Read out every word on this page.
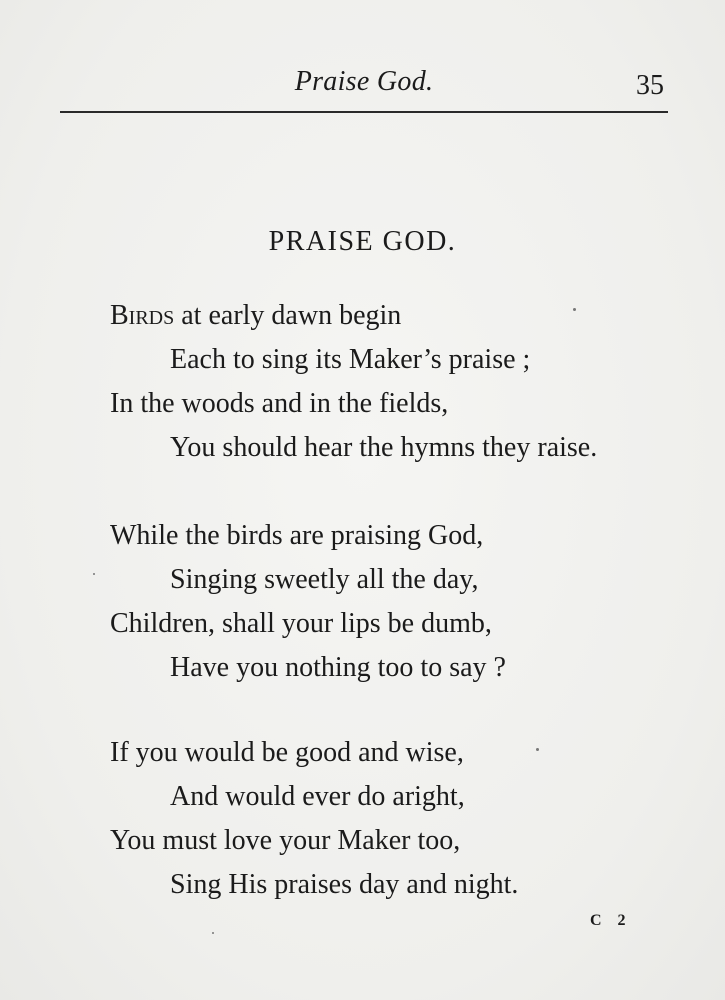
Praise God.	35
PRAISE GOD.
Birds at early dawn begin
Each to sing its Maker’s praise ;
In the woods and in the fields,
You should hear the hymns they raise.
While the birds are praising God,
Singing sweetly all the day,
Children, shall your lips be dumb,
Have you nothing too to say ?
If you would be good and wise,
And would ever do aright,
You must love your Maker too,
Sing His praises day and night.
C 2
